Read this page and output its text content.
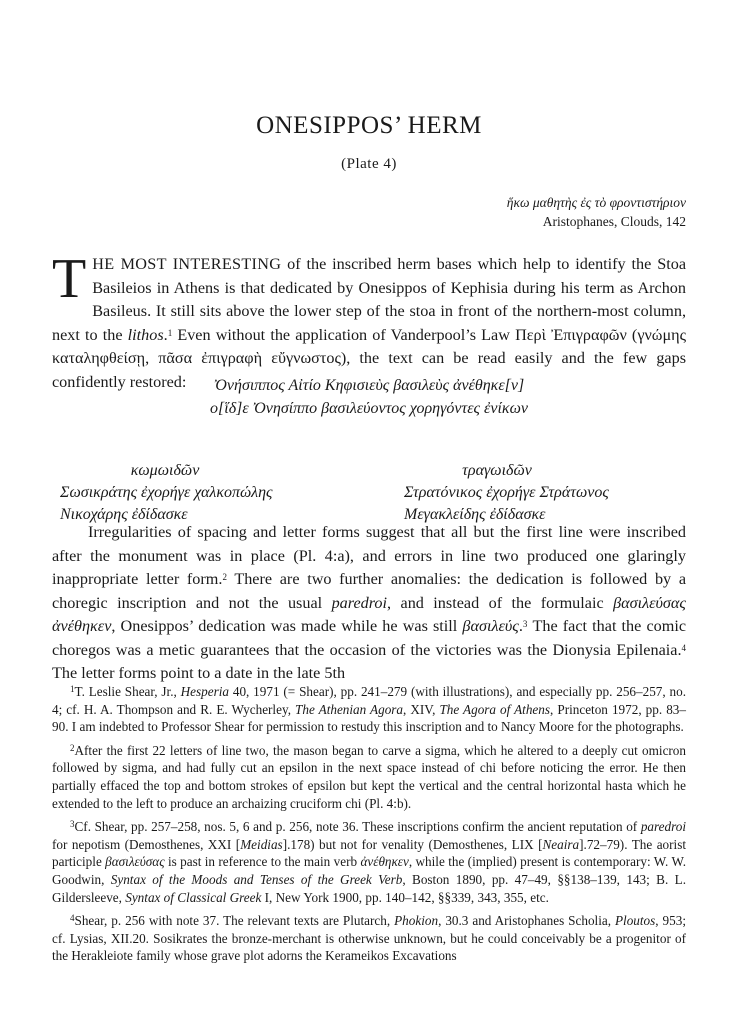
ONESIPPOS’ HERM
(Plate 4)
ἥκω μαθητὴς ἐς τὸ φροντιστήριον
Aristophanes, Clouds, 142
THE MOST INTERESTING of the inscribed herm bases which help to identify the Stoa Basileios in Athens is that dedicated by Onesippos of Kephisia during his term as Archon Basileus. It still sits above the lower step of the stoa in front of the northern-most column, next to the lithos.$^1$ Even without the application of Vanderpool’s Law Περὶ Ἐπιγραφῶν (γνώμης καταληφθείσῃ, πᾶσα ἐπιγραφὴ εὔγνωστος), the text can be read easily and the few gaps confidently restored:	Ὀνήσιππος Αἰτίο Κηφισιεὺς βασιλεὺς ἀνέθηκε[ν]
ο[ἵδ]ε Ὀνησίππο βασιλεύοντος χορηγόντες ἐνίκων
κωμωιδῶν
Σωσικράτης ἐχορήγε χαλκοπώλης
Νικοχάρης ἐδίδασκε
τραγωιδῶν
Στρατόνικος ἐχορήγε Στράτωνος
Μεγακλείδης ἐδίδασκε
Irregularities of spacing and letter forms suggest that all but the first line were inscribed after the monument was in place (Pl. 4:a), and errors in line two produced one glaringly inappropriate letter form.$^2$ There are two further anomalies: the dedication is followed by a choregic inscription and not the usual paredroi, and instead of the formulaic βασιλεύσας ἀνέθηκεν, Onesippos’ dedication was made while he was still βασιλεύς.$^3$ The fact that the comic choregos was a metic guarantees that the occasion of the victories was the Dionysia Epilenaia.$^4$ The letter forms point to a date in the late 5th

$^1$T. Leslie Shear, Jr., Hesperia 40, 1971 (= Shear), pp. 241–279 (with illustrations), and especially pp. 256–257, no. 4; cf. H. A. Thompson and R. E. Wycherley, The Athenian Agora, XIV, The Agora of Athens, Princeton 1972, pp. 83–90. I am indebted to Professor Shear for permission to restudy this inscription and to Nancy Moore for the photographs.

$^2$After the first 22 letters of line two, the mason began to carve a sigma, which he altered to a deeply cut omicron followed by sigma, and had fully cut an epsilon in the next space instead of chi before noticing the error. He then partially effaced the top and bottom strokes of epsilon but kept the vertical and the central horizontal hasta which he extended to the left to produce an archaizing cruciform chi (Pl. 4:b).

$^3$Cf. Shear, pp. 257–258, nos. 5, 6 and p. 256, note 36. These inscriptions confirm the ancient reputation of paredroi for nepotism (Demosthenes, XXI [Meidias].178) but not for venality (Demosthenes, LIX [Neaira].72–79). The aorist participle βασιλεύσας is past in reference to the main verb ἀνέθηκεν, while the (implied) present is contemporary: W. W. Goodwin, Syntax of the Moods and Tenses of the Greek Verb, Boston 1890, pp. 47–49, §§138–139, 143; B. L. Gildersleeve, Syntax of Classical Greek I, New York 1900, pp. 140–142, §§339, 343, 355, etc.

$^4$Shear, p. 256 with note 37. The relevant texts are Plutarch, Phokion, 30.3 and Aristophanes Scholia, Ploutos, 953; cf. Lysias, XII.20. Sosikrates the bronze-merchant is otherwise unknown, but he could conceivably be a progenitor of the Herakleiote family whose grave plot adorns the Kerameikos Excavations
